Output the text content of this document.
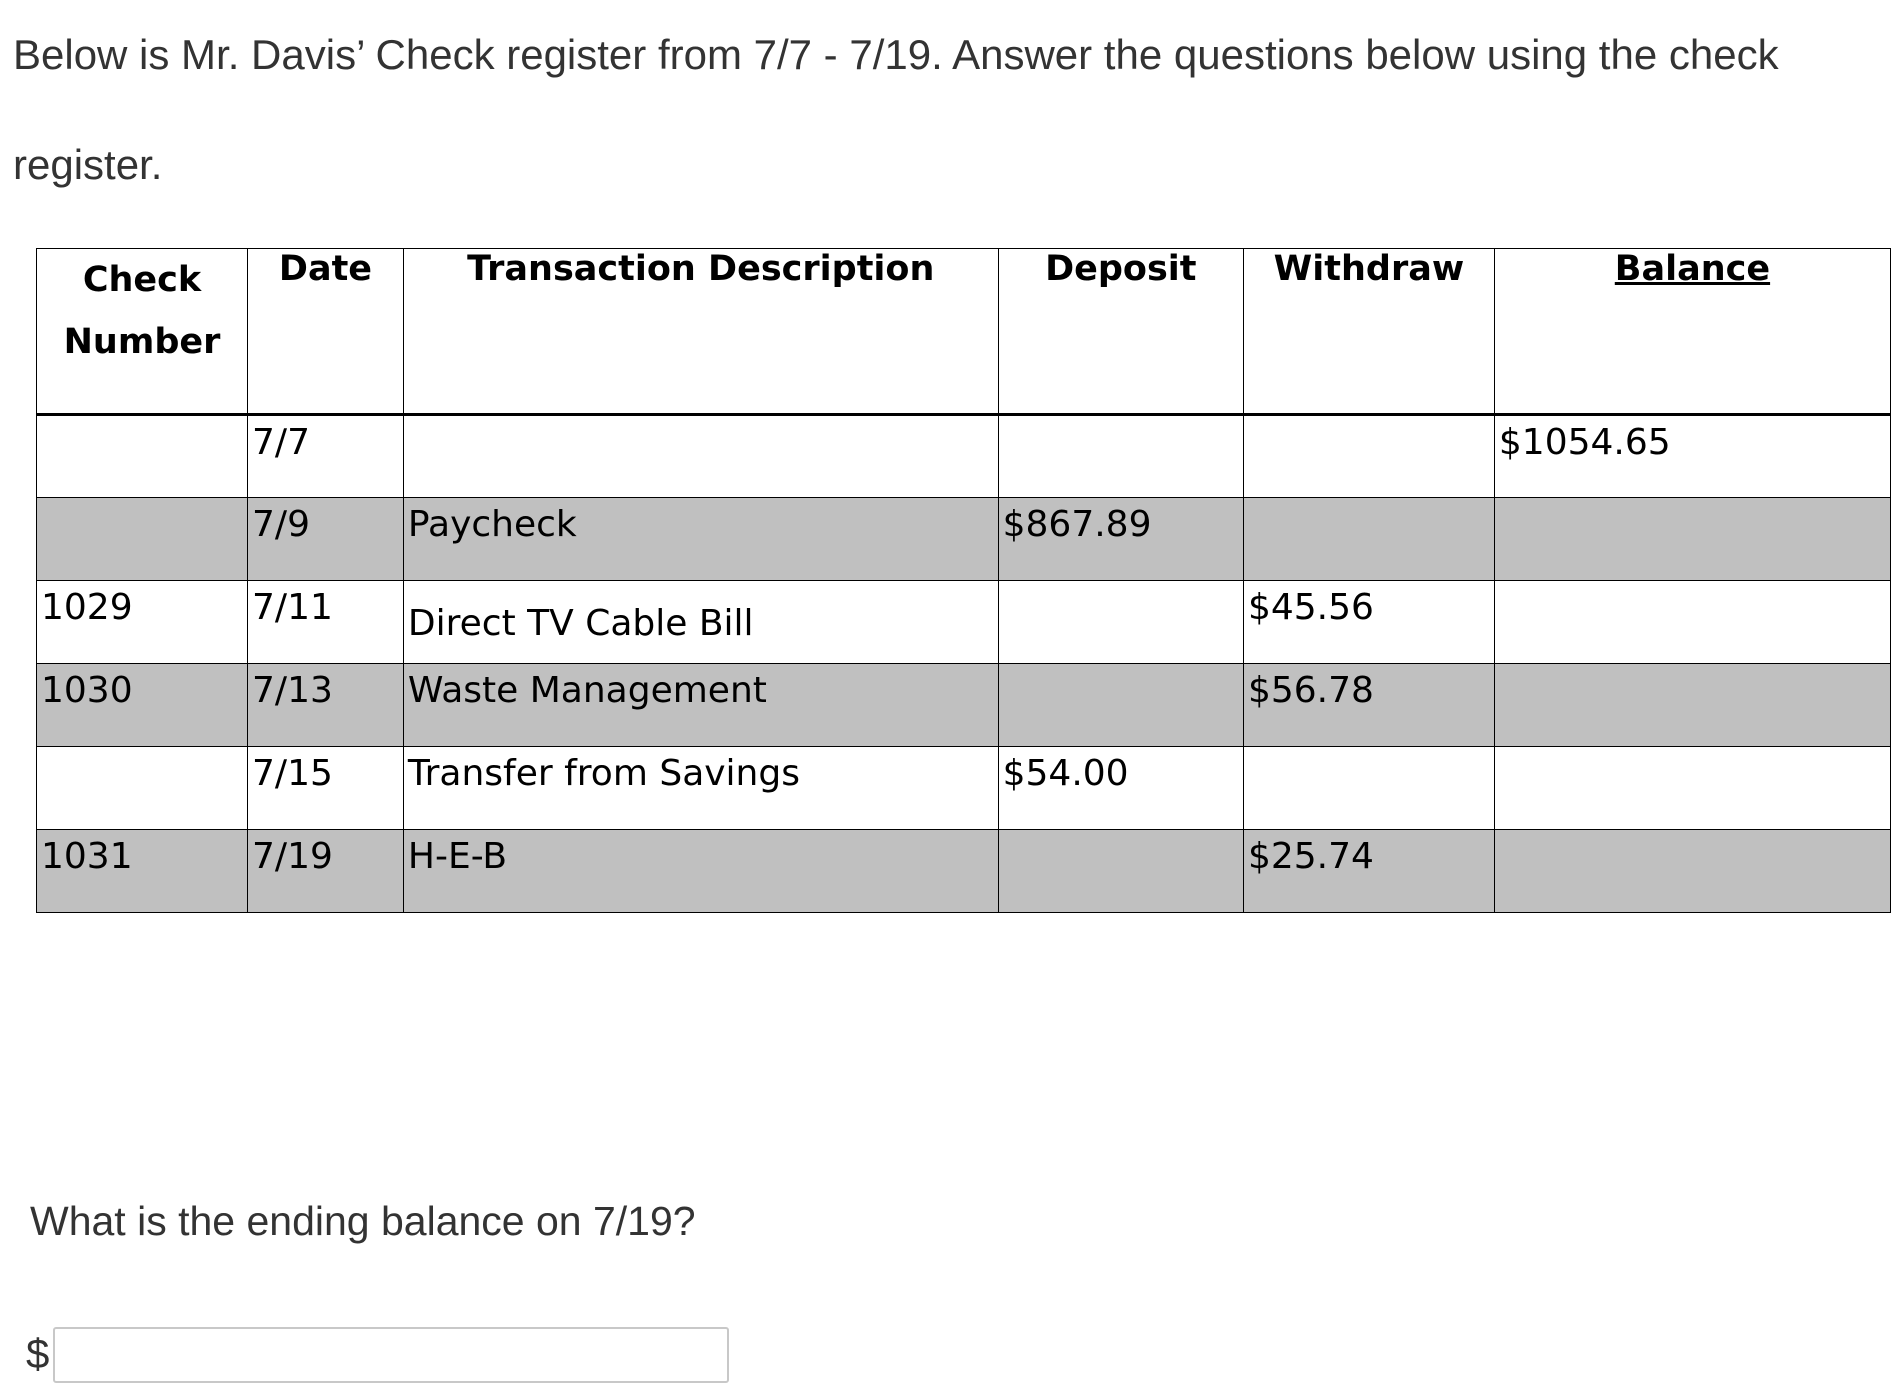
Below is Mr. Davis’ Check register from 7/7 - 7/19. Answer the questions below using the check register.

Check
Number	Date	Transaction Description	Deposit	Withdraw	Balance
	7/7				$1054.65
	7/9	Paycheck	$867.89		
1029	7/11	Direct TV Cable Bill		$45.56	
1030	7/13	Waste Management		$56.78	
	7/15	Transfer from Savings	$54.00		
1031	7/19	H-E-B		$25.74	

What is the ending balance on 7/19?

$
